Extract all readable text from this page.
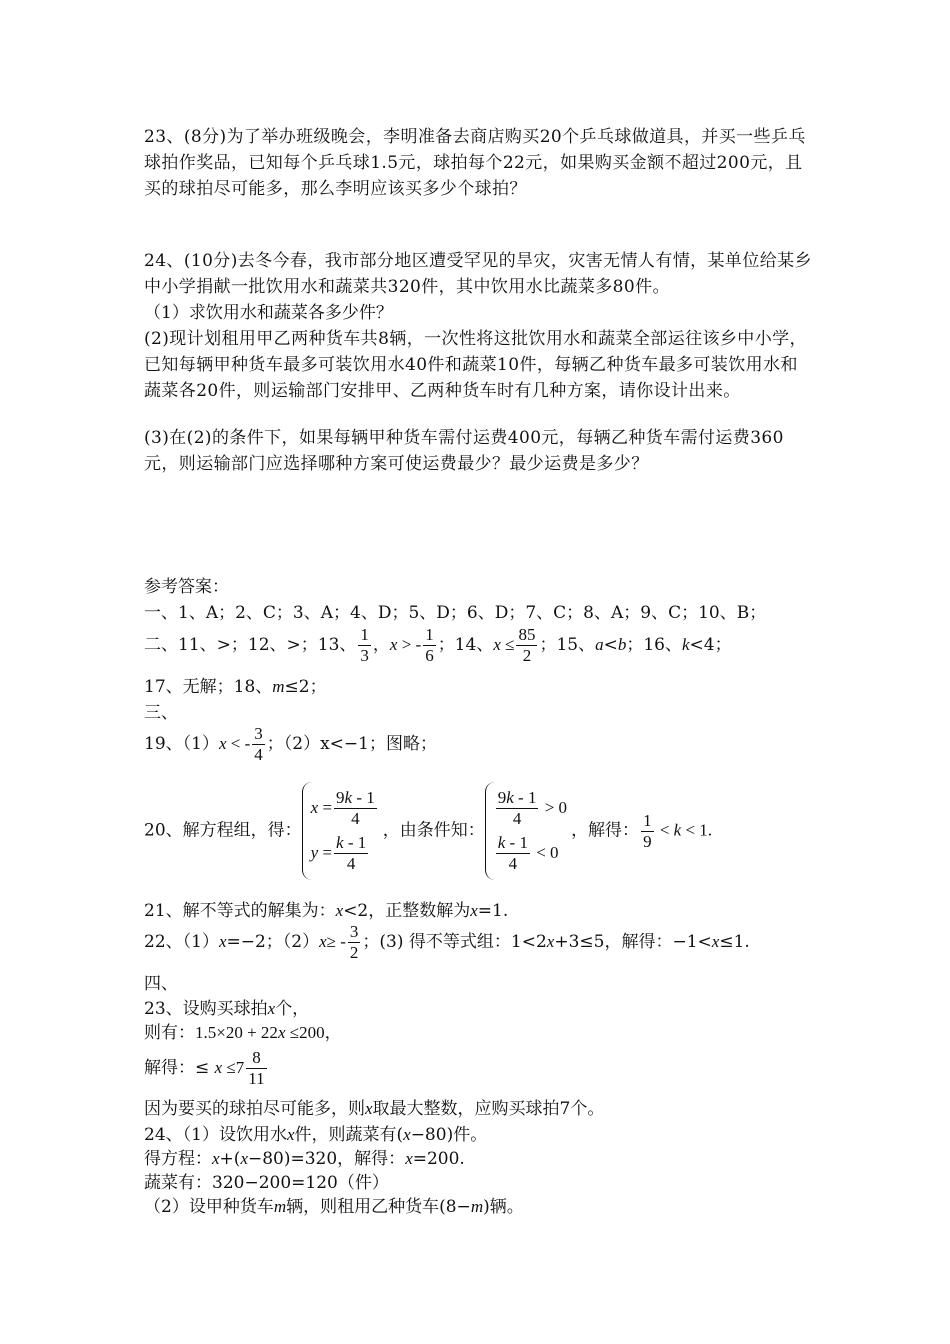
23、(8分)为了举办班级晚会，李明准备去商店购买20个乒乓球做道具，并买一些乒乓球拍作奖品，已知每个乒乓球1.5元，球拍每个22元，如果购买金额不超过200元，且买的球拍尽可能多，那么李明应该买多少个球拍？
24、(10分)去冬今春，我市部分地区遭受罕见的旱灾，灾害无情人有情，某单位给某乡中小学捐献一批饮用水和蔬菜共320件，其中饮用水比蔬菜多80件。
（1）求饮用水和蔬菜各多少件？
(2)现计划租用甲乙两种货车共8辆，一次性将这批饮用水和蔬菜全部运往该乡中小学，已知每辆甲种货车最多可装饮用水40件和蔬菜10件，每辆乙种货车最多可装饮用水和蔬菜各20件，则运输部门安排甲、乙两种货车时有几种方案，请你设计出来。
(3)在(2)的条件下，如果每辆甲种货车需付运费400元，每辆乙种货车需付运费360元，则运输部门应选择哪种方案可使运费最少？最少运费是多少？
参考答案：
一、1、A；2、C；3、A；4、D；5、D；6、D；7、C；8、A；9、C；10、B；
二、11、>；12、>；13、 $\frac{1}{3}$ ，x > - $\frac{1}{6}$ ；14、$x \le \frac{85}{2}$ ；15、a<b；16、k<4；
17、无解；18、m≤2；
三、
19、（1）x < - $\frac{3}{4}$ ；（2）x<−1；图略；
20、解方程组，得：
$x = \frac{9k - 1}{4}$
$y = \frac{k - 1}{4}$
，由条件知：
$\frac{9k - 1}{4} > 0$
$\frac{k - 1}{4} < 0$
，解得： $\frac{1}{9} < k < 1$.
21、解不等式的解集为：x<2，正整数解为x=1.
22、（1）x=−2；$(2)x\ge - \frac{3}{2}$ ；(3) 得不等式组：1<2x+3≤5，解得：−1<x≤1.
四、
23、设购买球拍x个，
则有：1.5×20 + 22x ≤200，
解得：≤ $x \le 7 \frac{8}{11}$
因为要买的球拍尽可能多，则x取最大整数，应购买球拍7个。
24、（1）设饮用水x件，则蔬菜有(x−80)件。
得方程：x+(x−80)=320，解得：x=200.
蔬菜有：320−200=120（件）
（2）设甲种货车m辆，则租用乙种货车(8−m)辆。
